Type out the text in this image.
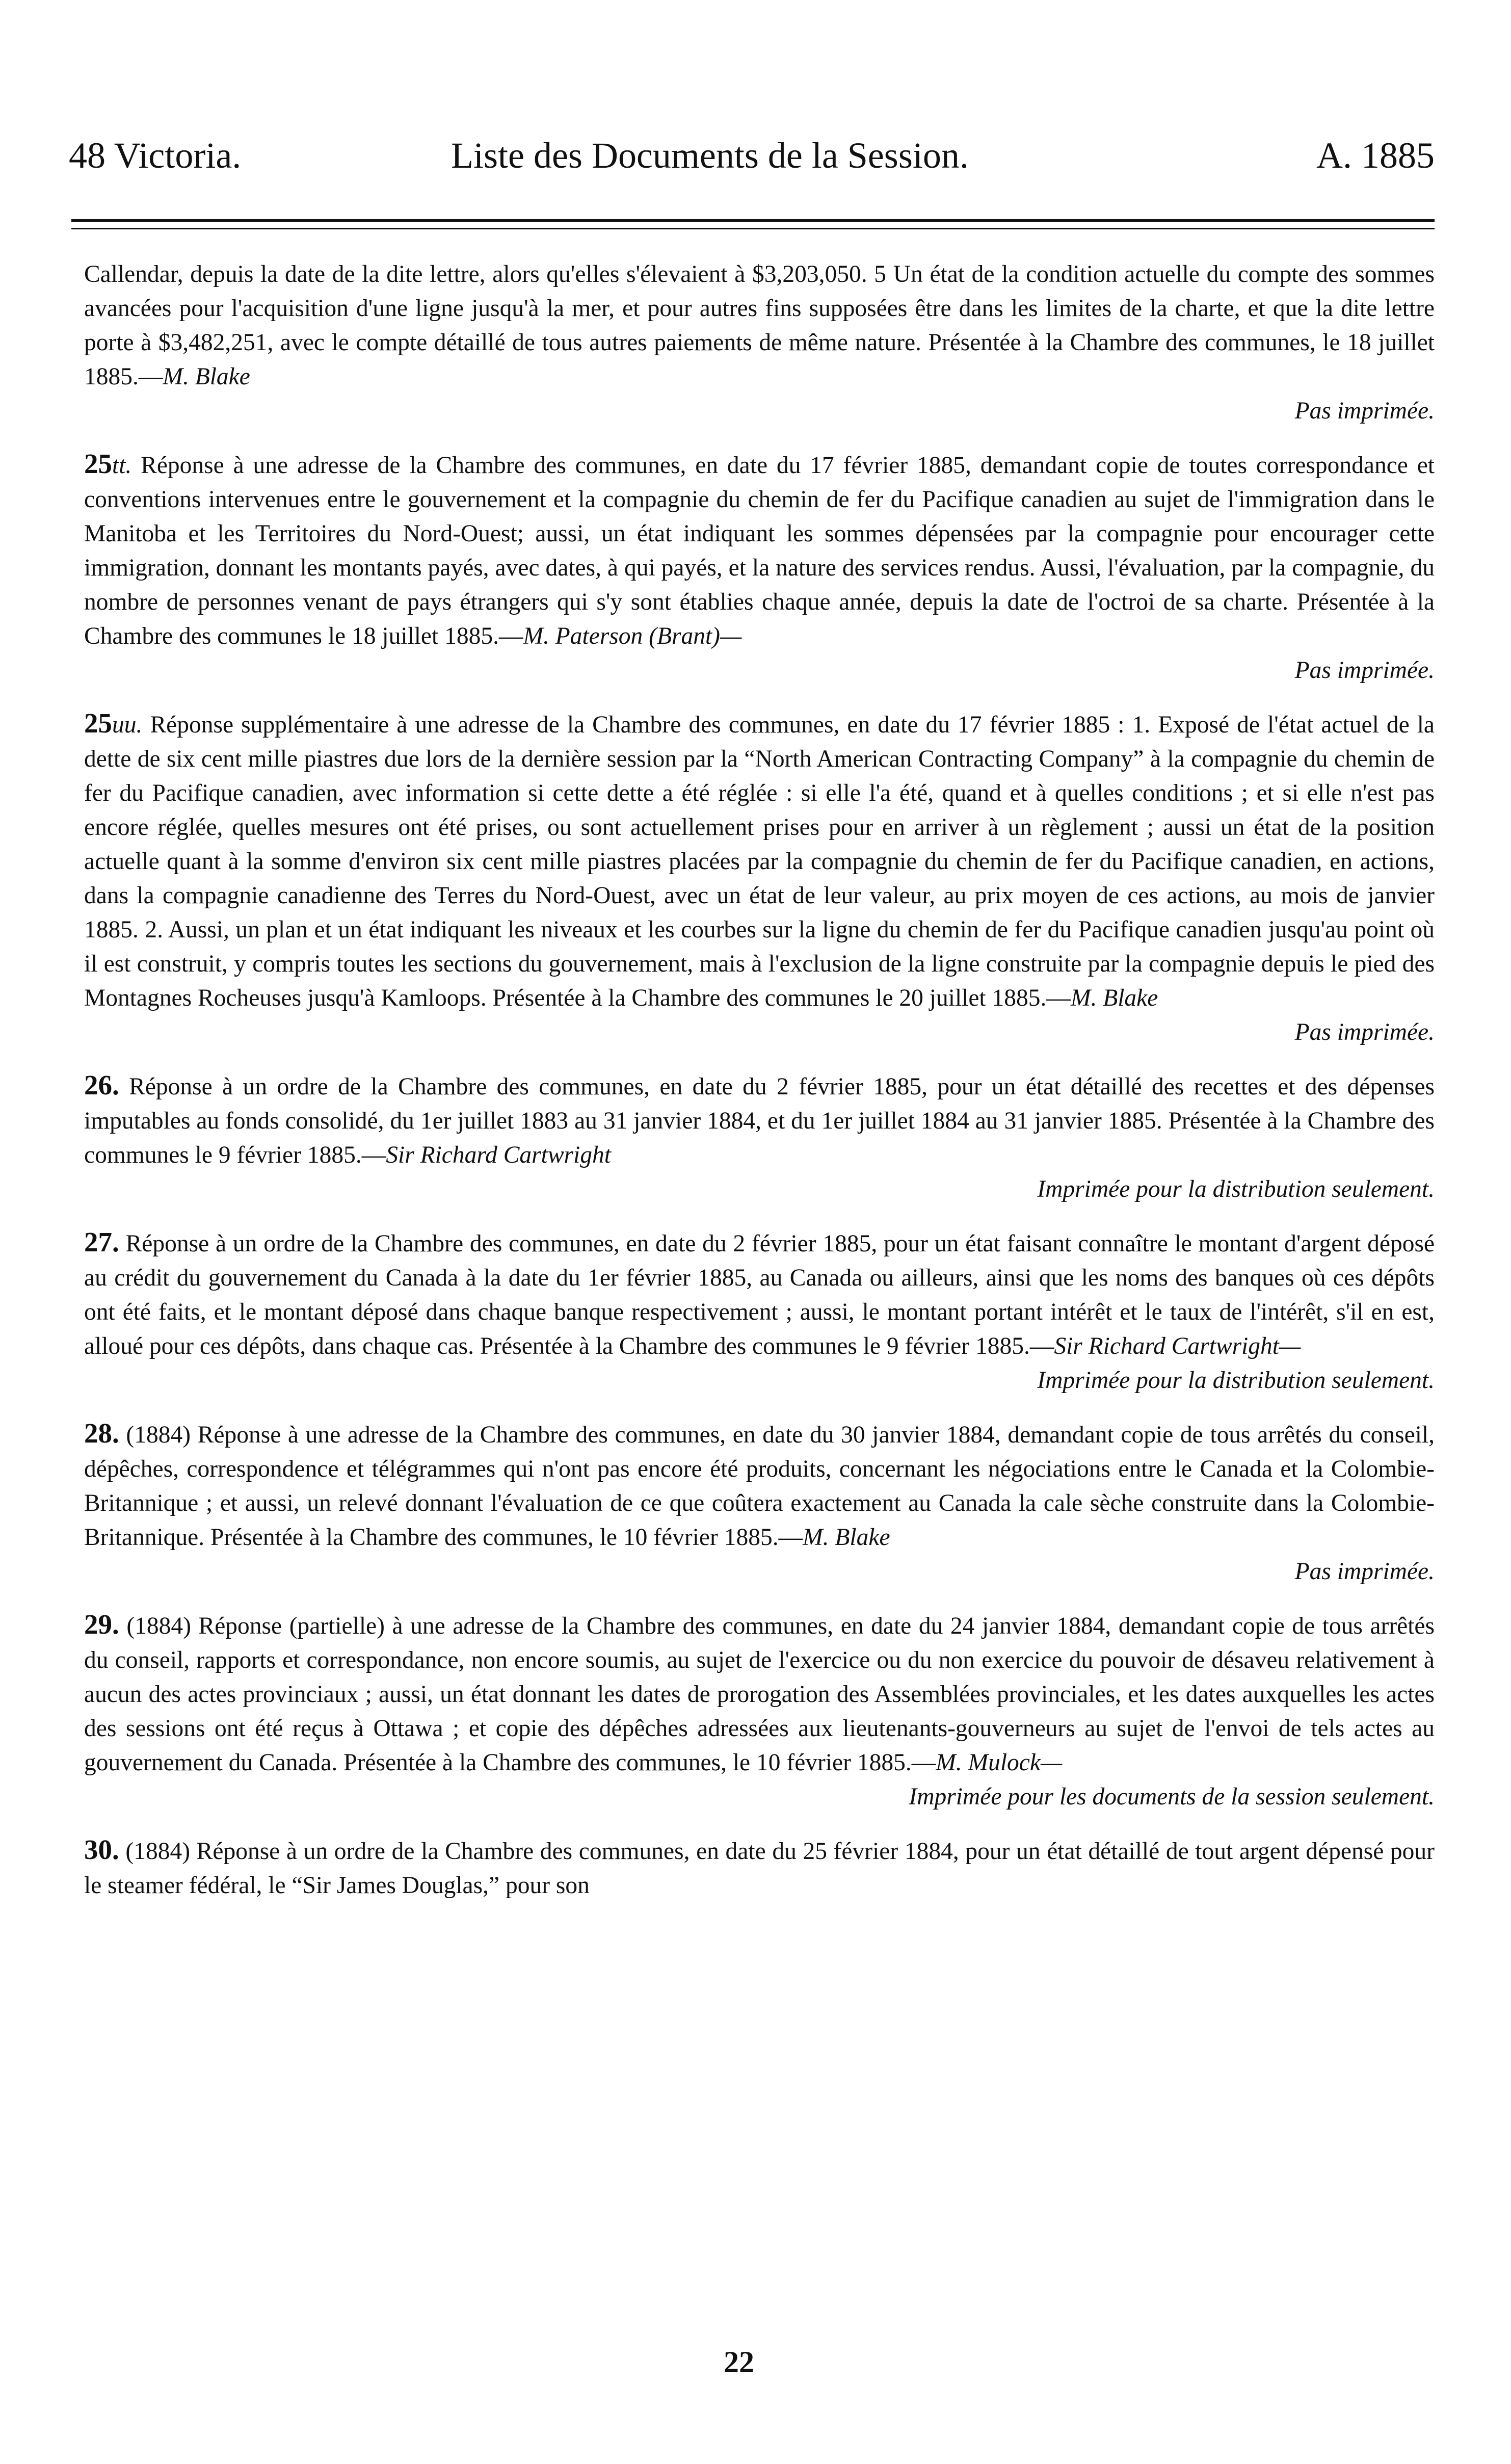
48 Victoria.	Liste des Documents de la Session.	A. 1885

Callendar, depuis la date de la dite lettre, alors qu'elles s'élevaient à $3,203,050. 5 Un état de la condition actuelle du compte des sommes avancées pour l'acquisition d'une ligne jusqu'à la mer, et pour autres fins supposées être dans les limites de la charte, et que la dite lettre porte à $3,482,251, avec le compte détaillé de tous autres paiements de même nature. Présentée à la Chambre des communes, le 18 juillet 1885.—M. Blake

Pas imprimée.

25tt. Réponse à une adresse de la Chambre des communes, en date du 17 février 1885, demandant copie de toutes correspondance et conventions intervenues entre le gouvernement et la compagnie du chemin de fer du Pacifique canadien au sujet de l'immigration dans le Manitoba et les Territoires du Nord-Ouest; aussi, un état indiquant les sommes dépensées par la compagnie pour encourager cette immigration, donnant les montants payés, avec dates, à qui payés, et la nature des services rendus. Aussi, l'évaluation, par la compagnie, du nombre de personnes venant de pays étrangers qui s'y sont établies chaque année, depuis la date de l'octroi de sa charte. Présentée à la Chambre des communes le 18 juillet 1885.—M. Paterson (Brant)—

Pas imprimée.

25uu. Réponse supplémentaire à une adresse de la Chambre des communes, en date du 17 février 1885 : 1. Exposé de l'état actuel de la dette de six cent mille piastres due lors de la dernière session par la “North American Contracting Company” à la compagnie du chemin de fer du Pacifique canadien, avec information si cette dette a été réglée : si elle l'a été, quand et à quelles conditions ; et si elle n'est pas encore réglée, quelles mesures ont été prises, ou sont actuellement prises pour en arriver à un règlement ; aussi un état de la position actuelle quant à la somme d'environ six cent mille piastres placées par la compagnie du chemin de fer du Pacifique canadien, en actions, dans la compagnie canadienne des Terres du Nord-Ouest, avec un état de leur valeur, au prix moyen de ces actions, au mois de janvier 1885. 2. Aussi, un plan et un état indiquant les niveaux et les courbes sur la ligne du chemin de fer du Pacifique canadien jusqu'au point où il est construit, y compris toutes les sections du gouvernement, mais à l'exclusion de la ligne construite par la compagnie depuis le pied des Montagnes Rocheuses jusqu'à Kamloops. Présentée à la Chambre des communes le 20 juillet 1885.—M. Blake

Pas imprimée.

26. Réponse à un ordre de la Chambre des communes, en date du 2 février 1885, pour un état détaillé des recettes et des dépenses imputables au fonds consolidé, du 1er juillet 1883 au 31 janvier 1884, et du 1er juillet 1884 au 31 janvier 1885. Présentée à la Chambre des communes le 9 février 1885.—Sir Richard Cartwright

Imprimée pour la distribution seulement.

27. Réponse à un ordre de la Chambre des communes, en date du 2 février 1885, pour un état faisant connaître le montant d'argent déposé au crédit du gouvernement du Canada à la date du 1er février 1885, au Canada ou ailleurs, ainsi que les noms des banques où ces dépôts ont été faits, et le montant déposé dans chaque banque respectivement ; aussi, le montant portant intérêt et le taux de l'intérêt, s'il en est, alloué pour ces dépôts, dans chaque cas. Présentée à la Chambre des communes le 9 février 1885.—Sir Richard Cartwright—

Imprimée pour la distribution seulement.

28. (1884) Réponse à une adresse de la Chambre des communes, en date du 30 janvier 1884, demandant copie de tous arrêtés du conseil, dépêches, correspondence et télégrammes qui n'ont pas encore été produits, concernant les négociations entre le Canada et la Colombie-Britannique ; et aussi, un relevé donnant l'évaluation de ce que coûtera exactement au Canada la cale sèche construite dans la Colombie-Britannique. Présentée à la Chambre des communes, le 10 février 1885.—M. Blake

Pas imprimée.

29. (1884) Réponse (partielle) à une adresse de la Chambre des communes, en date du 24 janvier 1884, demandant copie de tous arrêtés du conseil, rapports et correspondance, non encore soumis, au sujet de l'exercice ou du non exercice du pouvoir de désaveu relativement à aucun des actes provinciaux ; aussi, un état donnant les dates de prorogation des Assemblées provinciales, et les dates auxquelles les actes des sessions ont été reçus à Ottawa ; et copie des dépêches adressées aux lieutenants-gouverneurs au sujet de l'envoi de tels actes au gouvernement du Canada. Présentée à la Chambre des communes, le 10 février 1885.—M. Mulock—

Imprimée pour les documents de la session seulement.

30. (1884) Réponse à un ordre de la Chambre des communes, en date du 25 février 1884, pour un état détaillé de tout argent dépensé pour le steamer fédéral, le “Sir James Douglas,” pour son

22
